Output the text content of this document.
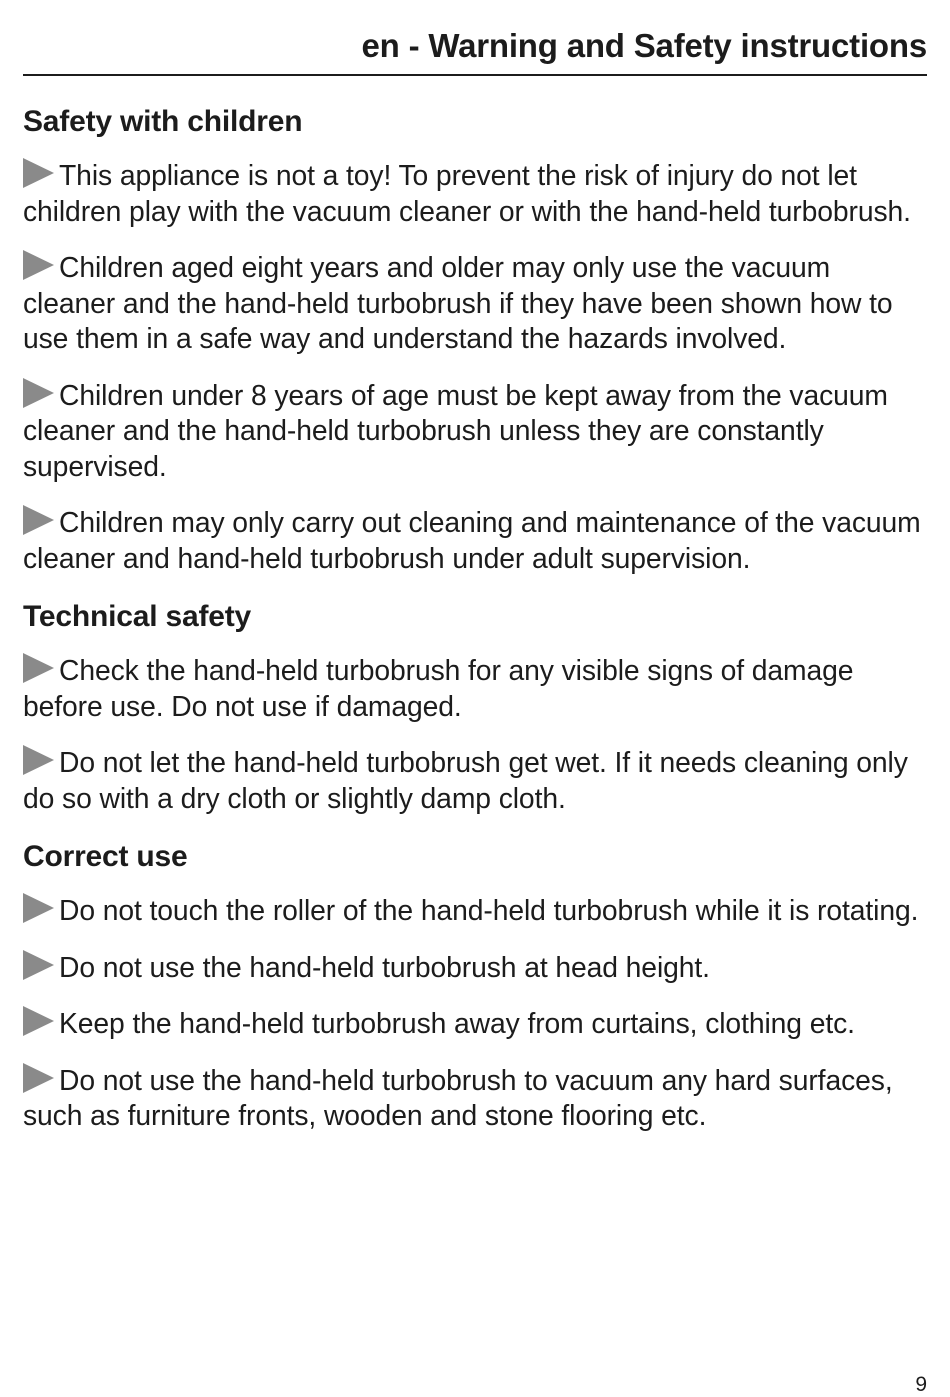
en - Warning and Safety instructions
Safety with children

This appliance is not a toy! To prevent the risk of injury do not let children play with the vacuum cleaner or with the hand-held turbobrush.

Children aged eight years and older may only use the vacuum cleaner and the hand-held turbobrush if they have been shown how to use them in a safe way and understand the hazards involved.

Children under 8 years of age must be kept away from the vacuum cleaner and the hand-held turbobrush unless they are constantly supervised.

Children may only carry out cleaning and maintenance of the vacuum cleaner and hand-held turbobrush under adult supervision.

Technical safety

Check the hand-held turbobrush for any visible signs of damage before use. Do not use if damaged.

Do not let the hand-held turbobrush get wet. If it needs cleaning only do so with a dry cloth or slightly damp cloth.

Correct use

Do not touch the roller of the hand-held turbobrush while it is rotating.

Do not use the hand-held turbobrush at head height.

Keep the hand-held turbobrush away from curtains, clothing etc.

Do not use the hand-held turbobrush to vacuum any hard surfaces, such as furniture fronts, wooden and stone flooring etc.

9
